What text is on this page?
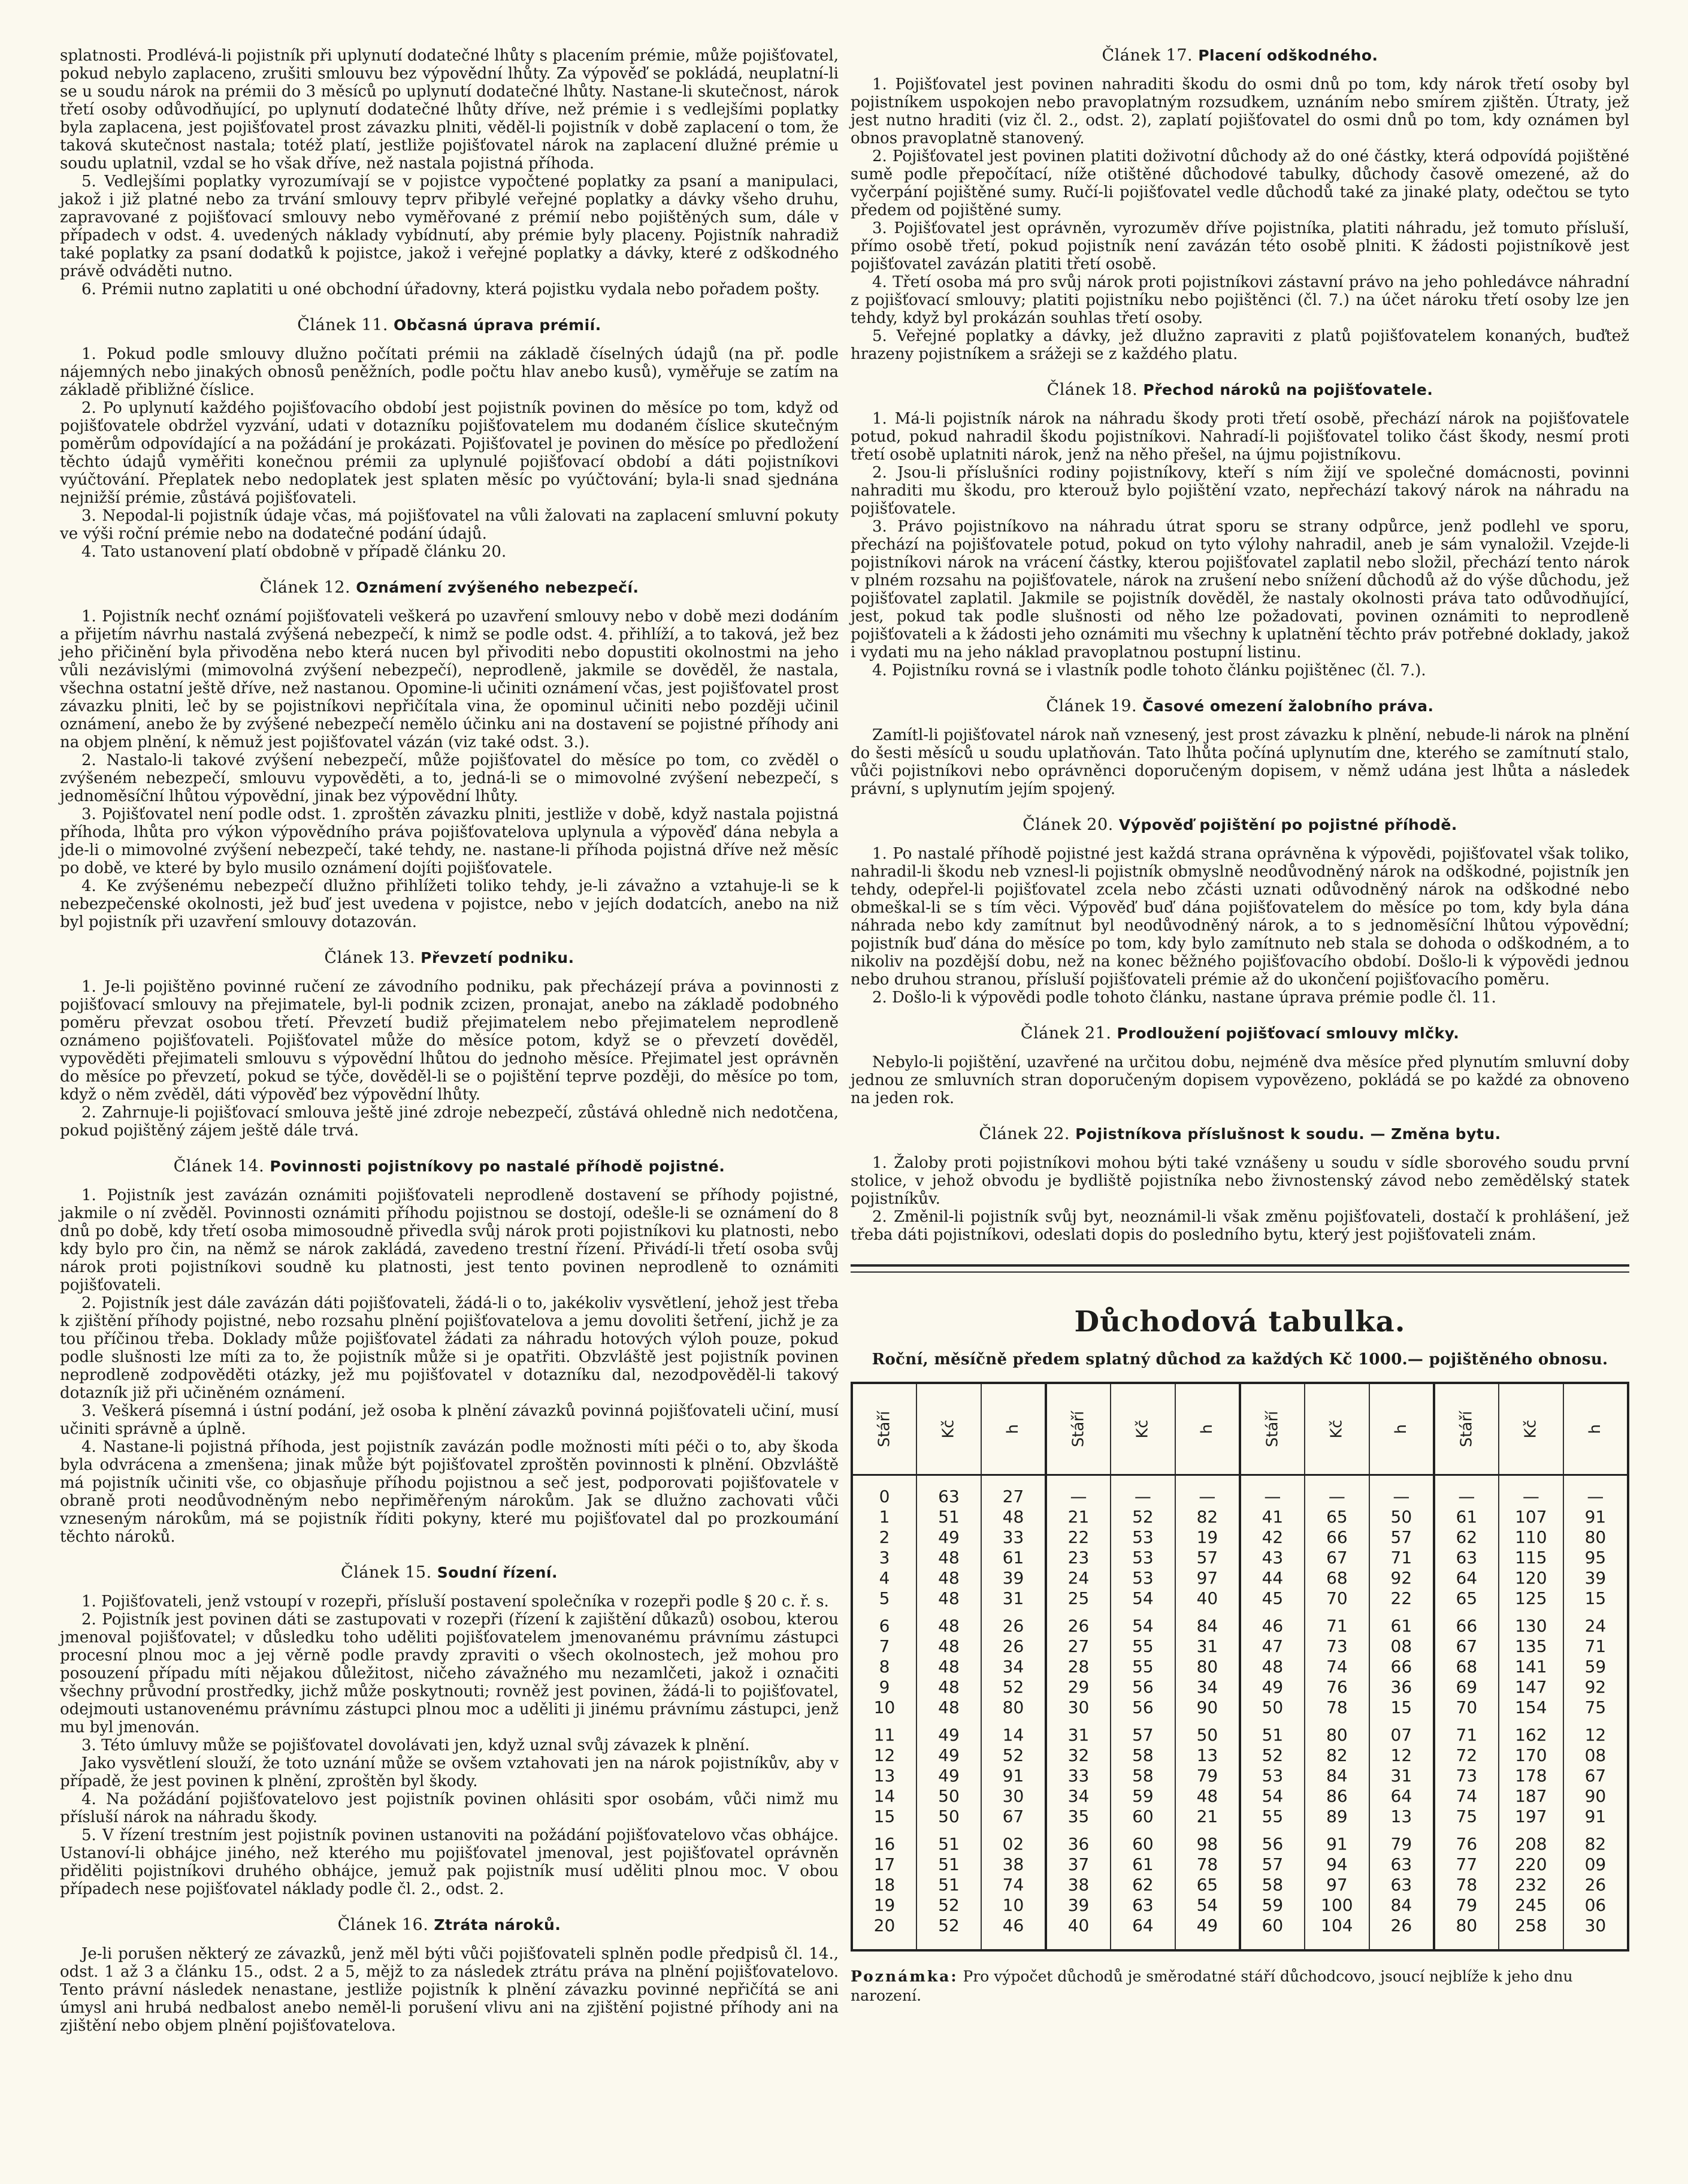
splatnosti. Prodlévá-li pojistník při uplynutí dodatečné lhůty s placením prémie, může pojišťovatel, pokud nebylo zaplaceno, zrušiti smlouvu bez výpovědní lhůty. Za výpověď se pokládá, neuplatní-li se u soudu nárok na prémii do 3 měsíců po uplynutí dodatečné lhůty. Nastane-li skutečnost, nárok třetí osoby odůvodňující, po uplynutí dodatečné lhůty dříve, než prémie i s vedlejšími poplatky byla zaplacena, jest pojišťovatel prost závazku plniti, věděl-li pojistník v době zaplacení o tom, že taková skutečnost nastala; totéž platí, jestliže pojišťovatel nárok na zaplacení dlužné prémie u soudu uplatnil, vzdal se ho však dříve, než nastala pojistná příhoda.

5. Vedlejšími poplatky vyrozumívají se v pojistce vypočtené poplatky za psaní a manipulaci, jakož i již platné nebo za trvání smlouvy teprv přibylé veřejné poplatky a dávky všeho druhu, zapravované z pojišťovací smlouvy nebo vyměřované z prémií nebo pojištěných sum, dále v případech v odst. 4. uvedených náklady vybídnutí, aby prémie byly placeny. Pojistník nahradiž také poplatky za psaní dodatků k pojistce, jakož i veřejné poplatky a dávky, které z odškodného právě odváděti nutno.

6. Prémii nutno zaplatiti u oné obchodní úřadovny, která pojistku vydala nebo pořadem pošty.

Článek 11. Občasná úprava prémií.

1. Pokud podle smlouvy dlužno počítati prémii na základě číselných údajů (na př. podle nájemných nebo jinakých obnosů peněžních, podle počtu hlav anebo kusů), vyměřuje se zatím na základě přibližné číslice.

2. Po uplynutí každého pojišťovacího období jest pojistník povinen do měsíce po tom, když od pojišťovatele obdržel vyzvání, udati v dotazníku pojišťovatelem mu dodaném číslice skutečným poměrům odpovídající a na požádání je prokázati. Pojišťovatel je povinen do měsíce po předložení těchto údajů vyměřiti konečnou prémii za uplynulé pojišťovací období a dáti pojistníkovi vyúčtování. Přeplatek nebo nedoplatek jest splaten měsíc po vyúčtování; byla-li snad sjednána nejnižší prémie, zůstává pojišťovateli.

3. Nepodal-li pojistník údaje včas, má pojišťovatel na vůli žalovati na zaplacení smluvní pokuty ve výši roční prémie nebo na dodatečné podání údajů.

4. Tato ustanovení platí obdobně v případě článku 20.

Článek 12. Oznámení zvýšeného nebezpečí.

1. Pojistník nechť oznámí pojišťovateli veškerá po uzavření smlouvy nebo v době mezi dodáním a přijetím návrhu nastalá zvýšená nebezpečí, k nimž se podle odst. 4. přihlíží, a to taková, jež bez jeho přičinění byla přivoděna nebo která nucen byl přivoditi nebo dopustiti okolnostmi na jeho vůli nezávislými (mimovolná zvýšení nebezpečí), neprodleně, jakmile se dověděl, že nastala, všechna ostatní ještě dříve, než nastanou. Opomine-li učiniti oznámení včas, jest pojišťovatel prost závazku plniti, leč by se pojistníkovi nepřičítala vina, že opominul učiniti nebo později učinil oznámení, anebo že by zvýšené nebezpečí nemělo účinku ani na dostavení se pojistné příhody ani na objem plnění, k němuž jest pojišťovatel vázán (viz také odst. 3.).

2. Nastalo-li takové zvýšení nebezpečí, může pojišťovatel do měsíce po tom, co zvěděl o zvýšeném nebezpečí, smlouvu vypověděti, a to, jedná-li se o mimovolné zvýšení nebezpečí, s jednoměsíční lhůtou výpovědní, jinak bez výpovědní lhůty.

3. Pojišťovatel není podle odst. 1. zproštěn závazku plniti, jestliže v době, když nastala pojistná příhoda, lhůta pro výkon výpovědního práva pojišťovatelova uplynula a výpověď dána nebyla a jde-li o mimovolné zvýšení nebezpečí, také tehdy, ne. nastane-li příhoda pojistná dříve než měsíc po době, ve které by bylo musilo oznámení dojíti pojišťovatele.

4. Ke zvýšenému nebezpečí dlužno přihlížeti toliko tehdy, je-li závažno a vztahuje-li se k nebezpečenské okolnosti, jež buď jest uvedena v pojistce, nebo v jejích dodatcích, anebo na niž byl pojistník při uzavření smlouvy dotazován.

Článek 13. Převzetí podniku.

1. Je-li pojištěno povinné ručení ze závodního podniku, pak přecházejí práva a povinnosti z pojišťovací smlouvy na přejimatele, byl-li podnik zcizen, pronajat, anebo na základě podobného poměru převzat osobou třetí. Převzetí budiž přejimatelem nebo přejimatelem neprodleně oznámeno pojišťovateli. Pojišťovatel může do měsíce potom, když se o převzetí dověděl, vypověděti přejimateli smlouvu s výpovědní lhůtou do jednoho měsíce. Přejimatel jest oprávněn do měsíce po převzetí, pokud se týče, dověděl-li se o pojištění teprve později, do měsíce po tom, když o něm zvěděl, dáti výpověď bez výpovědní lhůty.

2. Zahrnuje-li pojišťovací smlouva ještě jiné zdroje nebezpečí, zůstává ohledně nich nedotčena, pokud pojištěný zájem ještě dále trvá.

Článek 14. Povinnosti pojistníkovy po nastalé příhodě pojistné.

1. Pojistník jest zavázán oznámiti pojišťovateli neprodleně dostavení se příhody pojistné, jakmile o ní zvěděl. Povinnosti oznámiti příhodu pojistnou se dostojí, odešle-li se oznámení do 8 dnů po době, kdy třetí osoba mimosoudně přivedla svůj nárok proti pojistníkovi ku platnosti, nebo kdy bylo pro čin, na němž se nárok zakládá, zavedeno trestní řízení. Přivádí-li třetí osoba svůj nárok proti pojistníkovi soudně ku platnosti, jest tento povinen neprodleně to oznámiti pojišťovateli.

2. Pojistník jest dále zavázán dáti pojišťovateli, žádá-li o to, jakékoliv vysvětlení, jehož jest třeba k zjištění příhody pojistné, nebo rozsahu plnění pojišťovatelova a jemu dovoliti šetření, jichž je za tou příčinou třeba. Doklady může pojišťovatel žádati za náhradu hotových výloh pouze, pokud podle slušnosti lze míti za to, že pojistník může si je opatřiti. Obzvláště jest pojistník povinen neprodleně zodpověděti otázky, jež mu pojišťovatel v dotazníku dal, nezodpověděl-li takový dotazník již při učiněném oznámení.

3. Veškerá písemná i ústní podání, jež osoba k plnění závazků povinná pojišťovateli učiní, musí učiniti správně a úplně.

4. Nastane-li pojistná příhoda, jest pojistník zavázán podle možnosti míti péči o to, aby škoda byla odvrácena a zmenšena; jinak může být pojišťovatel zproštěn povinnosti k plnění. Obzvláště má pojistník učiniti vše, co objasňuje příhodu pojistnou a seč jest, podporovati pojišťovatele v obraně proti neodůvodněným nebo nepřiměřeným nárokům. Jak se dlužno zachovati vůči vzneseným nárokům, má se pojistník říditi pokyny, které mu pojišťovatel dal po prozkoumání těchto nároků.

Článek 15. Soudní řízení.

1. Pojišťovateli, jenž vstoupí v rozepři, přísluší postavení společníka v rozepři podle § 20 c. ř. s.

2. Pojistník jest povinen dáti se zastupovati v rozepři (řízení k zajištění důkazů) osobou, kterou jmenoval pojišťovatel; v důsledku toho uděliti pojišťovatelem jmenovanému právnímu zástupci procesní plnou moc a jej věrně podle pravdy zpraviti o všech okolnostech, jež mohou pro posouzení případu míti nějakou důležitost, ničeho závažného mu nezamlčeti, jakož i označiti všechny průvodní prostředky, jichž může poskytnouti; rovněž jest povinen, žádá-li to pojišťovatel, odejmouti ustanovenému právnímu zástupci plnou moc a uděliti ji jinému právnímu zástupci, jenž mu byl jmenován.

3. Této úmluvy může se pojišťovatel dovolávati jen, když uznal svůj závazek k plnění.

Jako vysvětlení slouží, že toto uznání může se ovšem vztahovati jen na nárok pojistníkův, aby v případě, že jest povinen k plnění, zproštěn byl škody.

4. Na požádání pojišťovatelovo jest pojistník povinen ohlásiti spor osobám, vůči nimž mu přísluší nárok na náhradu škody.

5. V řízení trestním jest pojistník povinen ustanoviti na požádání pojišťovatelovo včas obhájce. Ustanoví-li obhájce jiného, než kterého mu pojišťovatel jmenoval, jest pojišťovatel oprávněn přiděliti pojistníkovi druhého obhájce, jemuž pak pojistník musí uděliti plnou moc. V obou případech nese pojišťovatel náklady podle čl. 2., odst. 2.

Článek 16. Ztráta nároků.

Je-li porušen některý ze závazků, jenž měl býti vůči pojišťovateli splněn podle předpisů čl. 14., odst. 1 až 3 a článku 15., odst. 2 a 5, mějž to za následek ztrátu práva na plnění pojišťovatelovo. Tento právní následek nenastane, jestliže pojistník k plnění závazku povinné nepřičítá se ani úmysl ani hrubá nedbalost anebo neměl-li porušení vlivu ani na zjištění pojistné příhody ani na zjištění nebo objem plnění pojišťovatelova.

Článek 17. Placení odškodného.

1. Pojišťovatel jest povinen nahraditi škodu do osmi dnů po tom, kdy nárok třetí osoby byl pojistníkem uspokojen nebo pravoplatným rozsudkem, uznáním nebo smírem zjištěn. Útraty, jež jest nutno hraditi (viz čl. 2., odst. 2), zaplatí pojišťovatel do osmi dnů po tom, kdy oznámen byl obnos pravoplatně stanovený.

2. Pojišťovatel jest povinen platiti doživotní důchody až do oné částky, která odpovídá pojištěné sumě podle přepočítací, níže otištěné důchodové tabulky, důchody časově omezené, až do vyčerpání pojištěné sumy. Ručí-li pojišťovatel vedle důchodů také za jinaké platy, odečtou se tyto předem od pojištěné sumy.

3. Pojišťovatel jest oprávněn, vyrozuměv dříve pojistníka, platiti náhradu, jež tomuto přísluší, přímo osobě třetí, pokud pojistník není zavázán této osobě plniti. K žádosti pojistníkově jest pojišťovatel zavázán platiti třetí osobě.

4. Třetí osoba má pro svůj nárok proti pojistníkovi zástavní právo na jeho pohledávce náhradní z pojišťovací smlouvy; platiti pojistníku nebo pojištěnci (čl. 7.) na účet nároku třetí osoby lze jen tehdy, když byl prokázán souhlas třetí osoby.

5. Veřejné poplatky a dávky, jež dlužno zapraviti z platů pojišťovatelem konaných, buďtež hrazeny pojistníkem a srážeji se z každého platu.

Článek 18. Přechod nároků na pojišťovatele.

1. Má-li pojistník nárok na náhradu škody proti třetí osobě, přechází nárok na pojišťovatele potud, pokud nahradil škodu pojistníkovi. Nahradí-li pojišťovatel toliko část škody, nesmí proti třetí osobě uplatniti nárok, jenž na něho přešel, na újmu pojistníkovu.

2. Jsou-li příslušníci rodiny pojistníkovy, kteří s ním žijí ve společné domácnosti, povinni nahraditi mu škodu, pro kterouž bylo pojištění vzato, nepřechází takový nárok na náhradu na pojišťovatele.

3. Právo pojistníkovo na náhradu útrat sporu se strany odpůrce, jenž podlehl ve sporu, přechází na pojišťovatele potud, pokud on tyto výlohy nahradil, aneb je sám vynaložil. Vzejde-li pojistníkovi nárok na vrácení částky, kterou pojišťovatel zaplatil nebo složil, přechází tento nárok v plném rozsahu na pojišťovatele, nárok na zrušení nebo snížení důchodů až do výše důchodu, jež pojišťovatel zaplatil. Jakmile se pojistník dověděl, že nastaly okolnosti práva tato odůvodňující, jest, pokud tak podle slušnosti od něho lze požadovati, povinen oznámiti to neprodleně pojišťovateli a k žádosti jeho oznámiti mu všechny k uplatnění těchto práv potřebné doklady, jakož i vydati mu na jeho náklad pravoplatnou postupní listinu.

4. Pojistníku rovná se i vlastník podle tohoto článku pojištěnec (čl. 7.).

Článek 19. Časové omezení žalobního práva.

Zamítl-li pojišťovatel nárok naň vznesený, jest prost závazku k plnění, nebude-li nárok na plnění do šesti měsíců u soudu uplatňován. Tato lhůta počíná uplynutím dne, kterého se zamítnutí stalo, vůči pojistníkovi nebo oprávněnci doporučeným dopisem, v němž udána jest lhůta a následek právní, s uplynutím jejím spojený.

Článek 20. Výpověď pojištění po pojistné příhodě.

1. Po nastalé příhodě pojistné jest každá strana oprávněna k výpovědi, pojišťovatel však toliko, nahradil-li škodu neb vznesl-li pojistník obmyslně neodůvodněný nárok na odškodné, pojistník jen tehdy, odepřel-li pojišťovatel zcela nebo zčásti uznati odůvodněný nárok na odškodné nebo obmeškal-li se s tím věci. Výpověď buď dána pojišťovatelem do měsíce po tom, kdy byla dána náhrada nebo kdy zamítnut byl neodůvodněný nárok, a to s jednoměsíční lhůtou výpovědní; pojistník buď dána do měsíce po tom, kdy bylo zamítnuto neb stala se dohoda o odškodném, a to nikoliv na pozdější dobu, než na konec běžného pojišťovacího období. Došlo-li k výpovědi jednou nebo druhou stranou, přísluší pojišťovateli prémie až do ukončení pojišťovacího poměru.

2. Došlo-li k výpovědi podle tohoto článku, nastane úprava prémie podle čl. 11.

Článek 21. Prodloužení pojišťovací smlouvy mlčky.

Nebylo-li pojištění, uzavřené na určitou dobu, nejméně dva měsíce před plynutím smluvní doby jednou ze smluvních stran doporučeným dopisem vypovězeno, pokládá se po každé za obnoveno na jeden rok.

Článek 22. Pojistníkova příslušnost k soudu. — Změna bytu.

1. Žaloby proti pojistníkovi mohou býti také vznášeny u soudu v sídle sborového soudu první stolice, v jehož obvodu je bydliště pojistníka nebo živnostenský závod nebo zemědělský statek pojistníkův.

2. Změnil-li pojistník svůj byt, neoznámil-li však změnu pojišťovateli, dostačí k prohlášení, jež třeba dáti pojistníkovi, odeslati dopis do posledního bytu, který jest pojišťovateli znám.

Důchodová tabulka.
Roční, měsíčně předem splatný důchod za každých Kč 1000.— pojištěného obnosu.
Stáří	Kč	h	Stáří	Kč	h	Stáří	Kč	h	Stáří	Kč	h
0	63	27	—	—	—	—	—	—	—	—	—
1	51	48	21	52	82	41	65	50	61	107	91
2	49	33	22	53	19	42	66	57	62	110	80
3	48	61	23	53	57	43	67	71	63	115	95
4	48	39	24	53	97	44	68	92	64	120	39
5	48	31	25	54	40	45	70	22	65	125	15
6	48	26	26	54	84	46	71	61	66	130	24
7	48	26	27	55	31	47	73	08	67	135	71
8	48	34	28	55	80	48	74	66	68	141	59
9	48	52	29	56	34	49	76	36	69	147	92
10	48	80	30	56	90	50	78	15	70	154	75
11	49	14	31	57	50	51	80	07	71	162	12
12	49	52	32	58	13	52	82	12	72	170	08
13	49	91	33	58	79	53	84	31	73	178	67
14	50	30	34	59	48	54	86	64	74	187	90
15	50	67	35	60	21	55	89	13	75	197	91
16	51	02	36	60	98	56	91	79	76	208	82
17	51	38	37	61	78	57	94	63	77	220	09
18	51	74	38	62	65	58	97	63	78	232	26
19	52	10	39	63	54	59	100	84	79	245	06
20	52	46	40	64	49	60	104	26	80	258	30

Poznámka: Pro výpočet důchodů je směrodatné stáří důchodcovo, jsoucí nejblíže k jeho dnu narození.
